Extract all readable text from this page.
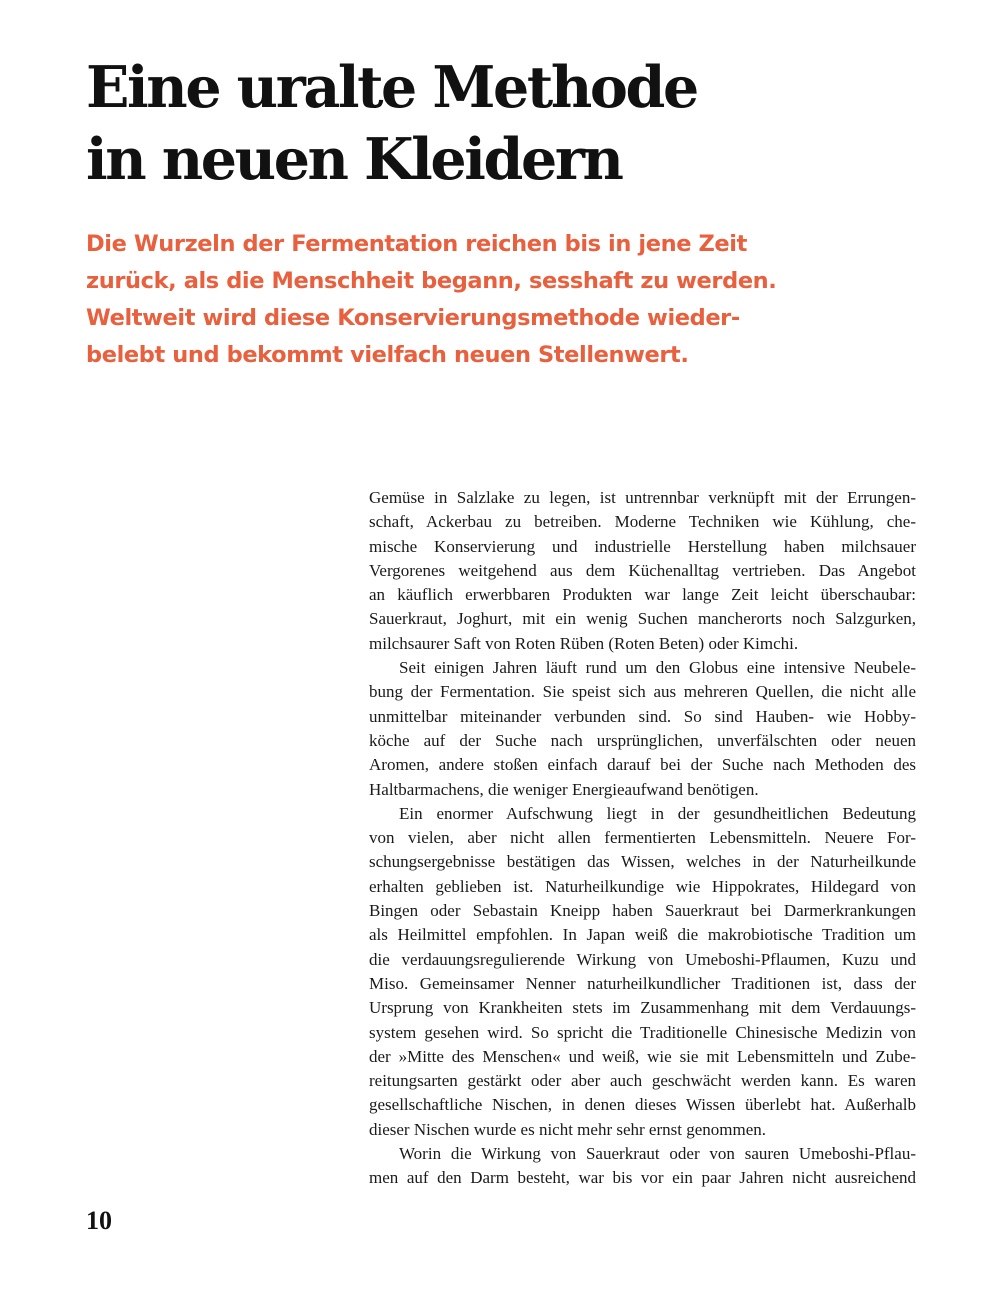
Eine uralte Methode
in neuen Kleidern

Die Wurzeln der Fermentation reichen bis in jene Zeit
zurück, als die Menschheit begann, sesshaft zu werden.
Weltweit wird diese Konservierungsmethode wieder-
belebt und bekommt vielfach neuen Stellenwert.

Gemüse in Salzlake zu legen, ist untrennbar verknüpft mit der Errungen-
schaft, Ackerbau zu betreiben. Moderne Techniken wie Kühlung, che-
mische Konservierung und industrielle Herstellung haben milchsauer
Vergorenes weitgehend aus dem Küchenalltag vertrieben. Das Angebot
an käuflich erwerbbaren Produkten war lange Zeit leicht überschaubar:
Sauerkraut, Joghurt, mit ein wenig Suchen mancherorts noch Salzgurken,
milchsaurer Saft von Roten Rüben (Roten Beten) oder Kimchi.
Seit einigen Jahren läuft rund um den Globus eine intensive Neubele-
bung der Fermentation. Sie speist sich aus mehreren Quellen, die nicht alle
unmittelbar miteinander verbunden sind. So sind Hauben- wie Hobby-
köche auf der Suche nach ursprünglichen, unverfälschten oder neuen
Aromen, andere stoßen einfach darauf bei der Suche nach Methoden des
Haltbarmachens, die weniger Energieaufwand benötigen.
Ein enormer Aufschwung liegt in der gesundheitlichen Bedeutung
von vielen, aber nicht allen fermentierten Lebensmitteln. Neuere For-
schungsergebnisse bestätigen das Wissen, welches in der Naturheilkunde
erhalten geblieben ist. Naturheilkundige wie Hippokrates, Hildegard von
Bingen oder Sebastain Kneipp haben Sauerkraut bei Darmerkrankungen
als Heilmittel empfohlen. In Japan weiß die makrobiotische Tradition um
die verdauungsregulierende Wirkung von Umeboshi-Pflaumen, Kuzu und
Miso. Gemeinsamer Nenner naturheilkundlicher Traditionen ist, dass der
Ursprung von Krankheiten stets im Zusammenhang mit dem Verdauungs-
system gesehen wird. So spricht die Traditionelle Chinesische Medizin von
der »Mitte des Menschen« und weiß, wie sie mit Lebensmitteln und Zube-
reitungsarten gestärkt oder aber auch geschwächt werden kann. Es waren
gesellschaftliche Nischen, in denen dieses Wissen überlebt hat. Außerhalb
dieser Nischen wurde es nicht mehr sehr ernst genommen.
Worin die Wirkung von Sauerkraut oder von sauren Umeboshi-Pflau-
men auf den Darm besteht, war bis vor ein paar Jahren nicht ausreichend
10
